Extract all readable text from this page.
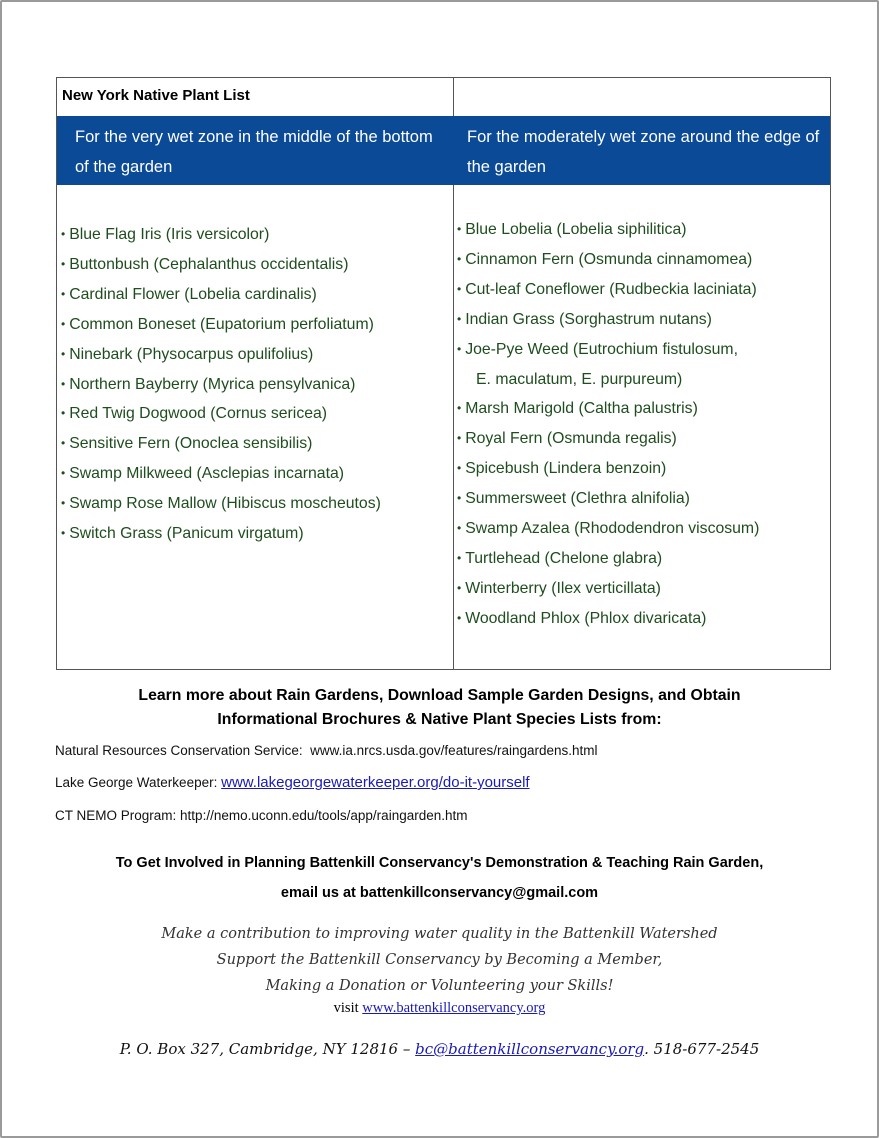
New York Native Plant List
For the very wet zone in the middle of the bottom of the garden
For the moderately wet zone around the edge of the garden
• Blue Flag Iris (Iris versicolor)
• Buttonbush (Cephalanthus occidentalis)
• Cardinal Flower (Lobelia cardinalis)
• Common Boneset (Eupatorium perfoliatum)
• Ninebark (Physocarpus opulifolius)
• Northern Bayberry (Myrica pensylvanica)
• Red Twig Dogwood (Cornus sericea)
• Sensitive Fern (Onoclea sensibilis)
• Swamp Milkweed (Asclepias incarnata)
• Swamp Rose Mallow (Hibiscus moscheutos)
• Switch Grass (Panicum virgatum)
• Blue Lobelia (Lobelia siphilitica)
• Cinnamon Fern (Osmunda cinnamomea)
• Cut-leaf Coneflower (Rudbeckia laciniata)
• Indian Grass (Sorghastrum nutans)
• Joe-Pye Weed (Eutrochium fistulosum,
E. maculatum, E. purpureum)
• Marsh Marigold (Caltha palustris)
• Royal Fern (Osmunda regalis)
• Spicebush (Lindera benzoin)
• Summersweet (Clethra alnifolia)
• Swamp Azalea (Rhododendron viscosum)
• Turtlehead (Chelone glabra)
• Winterberry (Ilex verticillata)
• Woodland Phlox (Phlox divaricata)
Learn more about Rain Gardens, Download Sample Garden Designs, and Obtain
Informational Brochures & Native Plant Species Lists from:
Natural Resources Conservation Service: www.ia.nrcs.usda.gov/features/raingardens.html
Lake George Waterkeeper: www.lakegeorgewaterkeeper.org/do-it-yourself
CT NEMO Program: http://nemo.uconn.edu/tools/app/raingarden.htm
To Get Involved in Planning Battenkill Conservancy's Demonstration & Teaching Rain Garden,
email us at battenkillconservancy@gmail.com
Make a contribution to improving water quality in the Battenkill Watershed
Support the Battenkill Conservancy by Becoming a Member,
Making a Donation or Volunteering your Skills!
visit www.battenkillconservancy.org
P. O. Box 327, Cambridge, NY 12816 – bc@battenkillconservancy.org. 518-677-2545
